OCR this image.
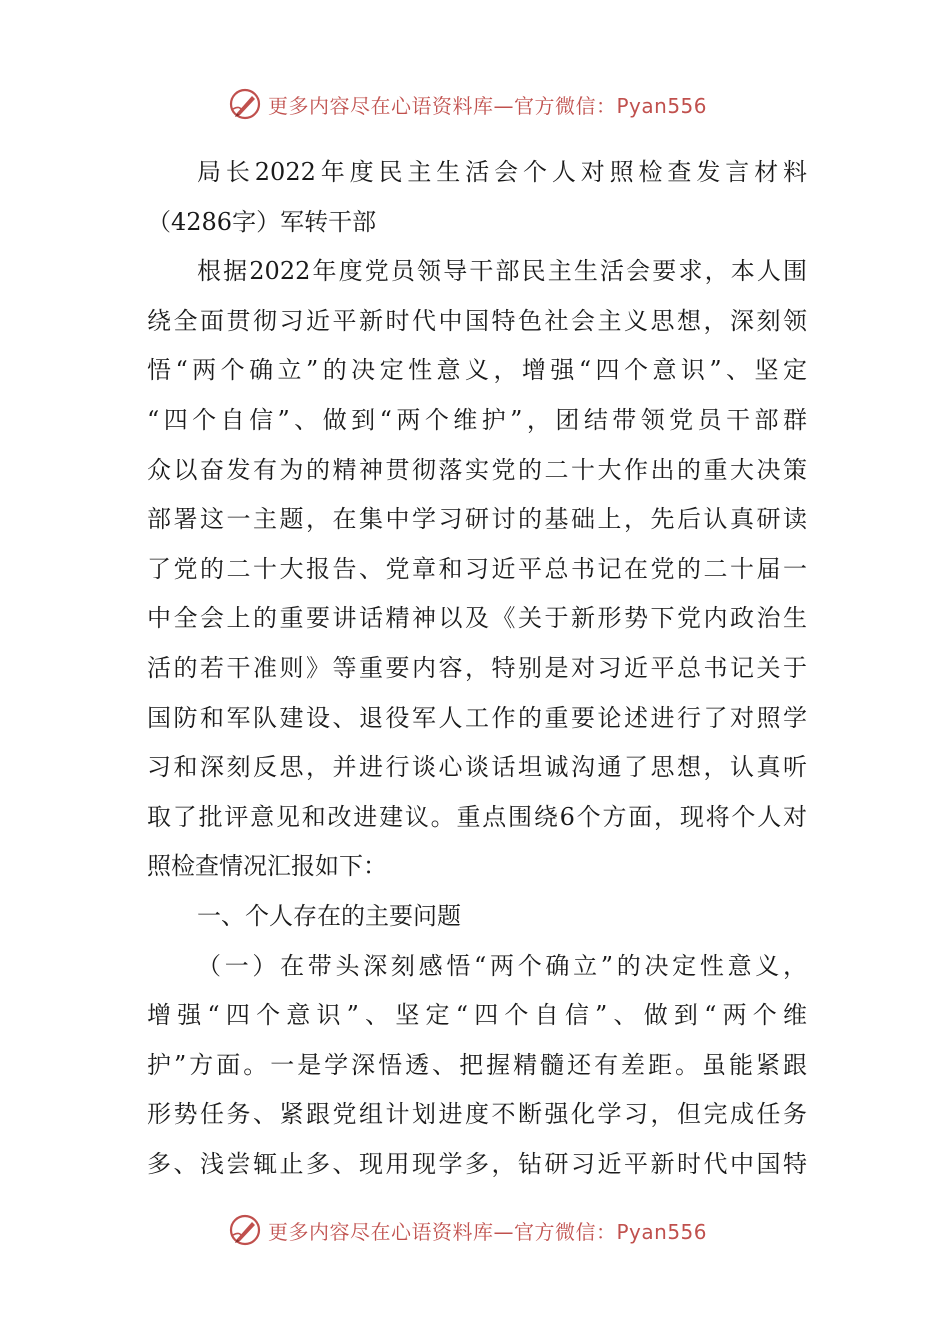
更多内容尽在心语资料库—官方微信：Pyan556
局长2022年度民主生活会个人对照检查发言材料
（4286字）军转干部
根据2022年度党员领导干部民主生活会要求，本人围
绕全面贯彻习近平新时代中国特色社会主义思想，深刻领
悟“两个确立”的决定性意义，增强“四个意识”、坚定
“四个自信”、做到“两个维护”，团结带领党员干部群
众以奋发有为的精神贯彻落实党的二十大作出的重大决策
部署这一主题，在集中学习研讨的基础上，先后认真研读
了党的二十大报告、党章和习近平总书记在党的二十届一
中全会上的重要讲话精神以及《关于新形势下党内政治生
活的若干准则》等重要内容，特别是对习近平总书记关于
国防和军队建设、退役军人工作的重要论述进行了对照学
习和深刻反思，并进行谈心谈话坦诚沟通了思想，认真听
取了批评意见和改进建议。重点围绕6个方面，现将个人对
照检查情况汇报如下：
一、个人存在的主要问题
（一）在带头深刻感悟“两个确立”的决定性意义，
增强“四个意识”、坚定“四个自信”、做到“两个维
护”方面。一是学深悟透、把握精髓还有差距。虽能紧跟
形势任务、紧跟党组计划进度不断强化学习，但完成任务
多、浅尝辄止多、现用现学多，钻研习近平新时代中国特
更多内容尽在心语资料库—官方微信：Pyan556
